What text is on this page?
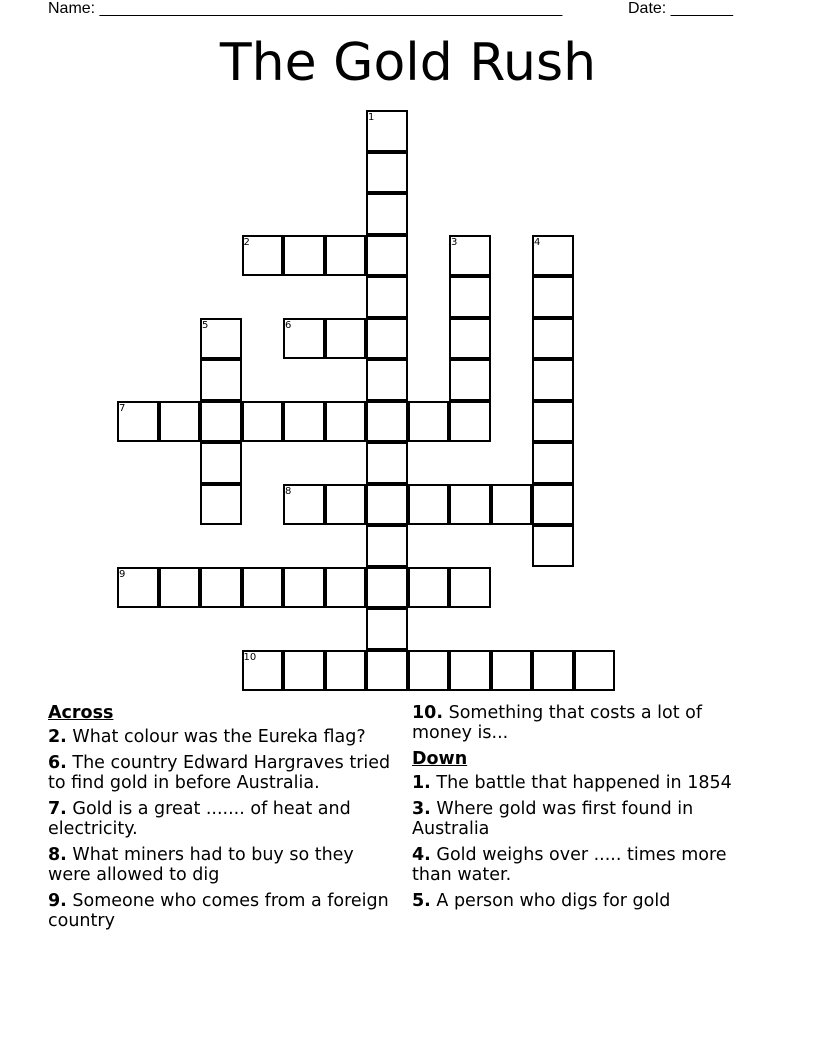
Name: ____________________________________________________	Date: _______
The Gold Rush
1
2	3	4
5	6
7
8
9
10
Across
2. What colour was the Eureka flag?
6. The country Edward Hargraves tried to find gold in before Australia.
7. Gold is a great ....... of heat and electricity.
8. What miners had to buy so they were allowed to dig
9. Someone who comes from a foreign country
10. Something that costs a lot of money is...
Down
1. The battle that happened in 1854
3. Where gold was first found in Australia
4. Gold weighs over ..... times more than water.
5. A person who digs for gold
